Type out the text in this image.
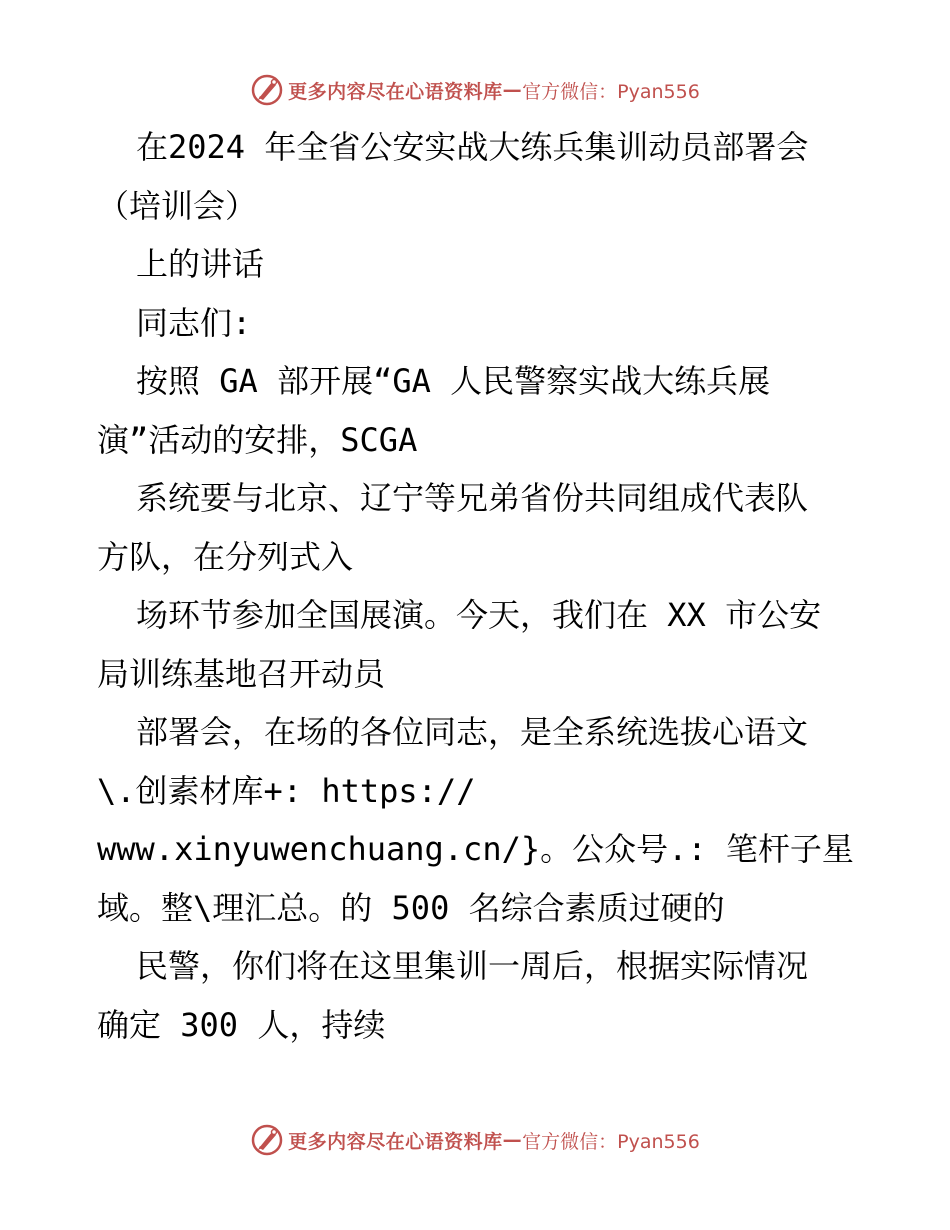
更多内容尽在心语资料库 — 官方微信：Pyan556
在2024 年全省公安实战大练兵集训动员部署会
（培训会）
上的讲话
同志们:
按照 GA 部开展“GA 人民警察实战大练兵展
演”活动的安排，SCGA
系统要与北京、辽宁等兄弟省份共同组成代表队
方队，在分列式入
场环节参加全国展演。今天，我们在 XX 市公安
局训练基地召开动员
部署会，在场的各位同志，是全系统选拔心语文
\.创素材库+: https://
www.xinyuwenchuang.cn/}。公众号.: 笔杆子星
域。整\理汇总。的 500 名综合素质过硬的
民警，你们将在这里集训一周后，根据实际情况
确定 300 人，持续
更多内容尽在心语资料库 — 官方微信：Pyan556
